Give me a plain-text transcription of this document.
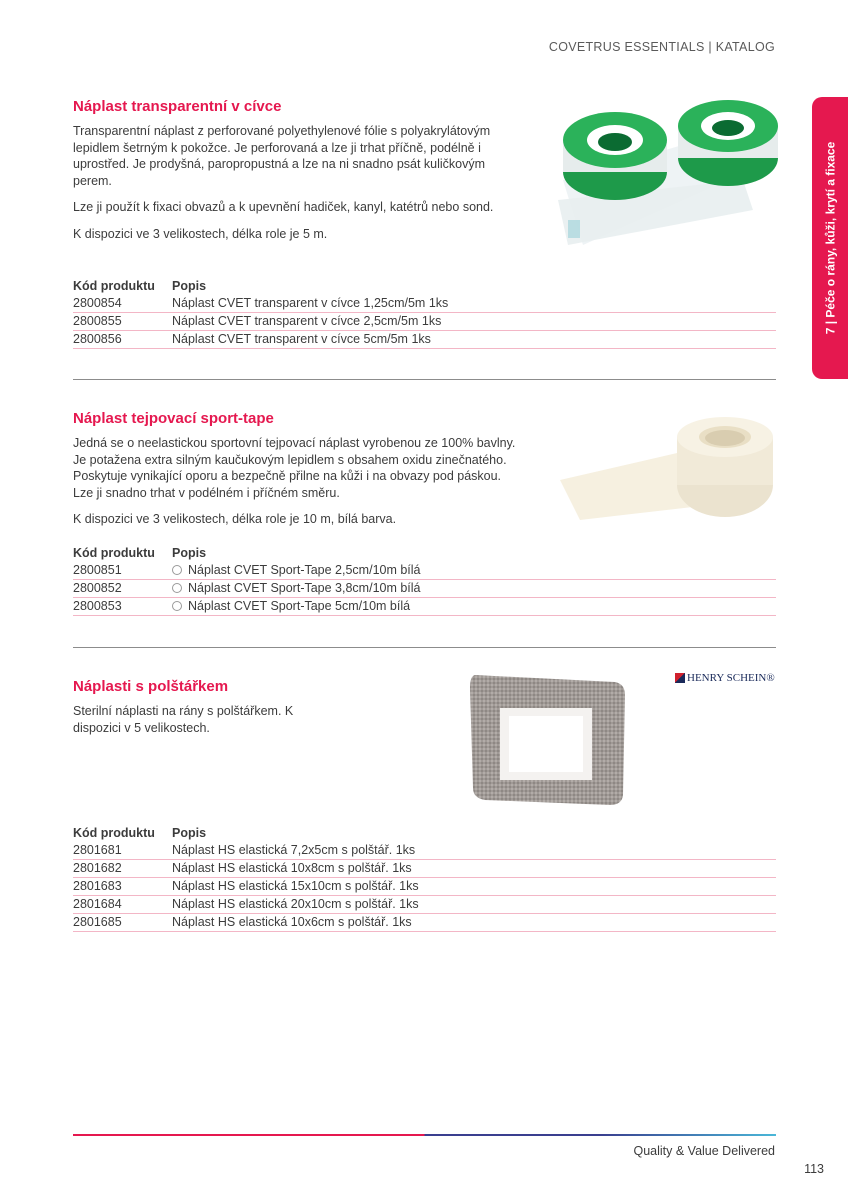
COVETRUS ESSENTIALS | KATALOG
7 | Péče o rány, kůži, krytí a fixace
Náplast transparentní v cívce

Transparentní náplast z perforované polyethylenové fólie s polyakrylátovým lepidlem šetrným k pokožce. Je perforovaná a lze ji trhat příčně, podélně i uprostřed. Je prodyšná, paropropustná a lze na ni snadno psát kuličkovým perem.

Lze ji použít k fixaci obvazů a k upevnění hadiček, kanyl, katétrů nebo sond.

K dispozici ve 3 velikostech, délka role je 5 m.

Kód produktu	Popis
2800854	Náplast CVET transparent v cívce 1,25cm/5m 1ks
2800855	Náplast CVET transparent v cívce 2,5cm/5m 1ks
2800856	Náplast CVET transparent v cívce 5cm/5m 1ks
Náplast tejpovací sport-tape

Jedná se o neelastickou sportovní tejpovací náplast vyrobenou ze 100% bavlny. Je potažena extra silným kaučukovým lepidlem s obsahem oxidu zinečnatého. Poskytuje vynikající oporu a bezpečně přilne na kůži i na obvazy pod páskou. Lze ji snadno trhat v podélném i příčném směru.

K dispozici ve 3 velikostech, délka role je 10 m, bílá barva.

Kód produktu	Popis
2800851	Náplast CVET Sport-Tape 2,5cm/10m bílá
2800852	Náplast CVET Sport-Tape 3,8cm/10m bílá
2800853	Náplast CVET Sport-Tape 5cm/10m bílá
Náplasti s polštářkem

Sterilní náplasti na rány s polštářkem. K dispozici v 5 velikostech.

Kód produktu	Popis
2801681	Náplast HS elastická 7,2x5cm s polštář. 1ks
2801682	Náplast HS elastická 10x8cm s polštář. 1ks
2801683	Náplast HS elastická 15x10cm s polštář. 1ks
2801684	Náplast HS elastická 20x10cm s polštář. 1ks
2801685	Náplast HS elastická 10x6cm s polštář. 1ks
HENRY SCHEIN®
Quality & Value Delivered
113
